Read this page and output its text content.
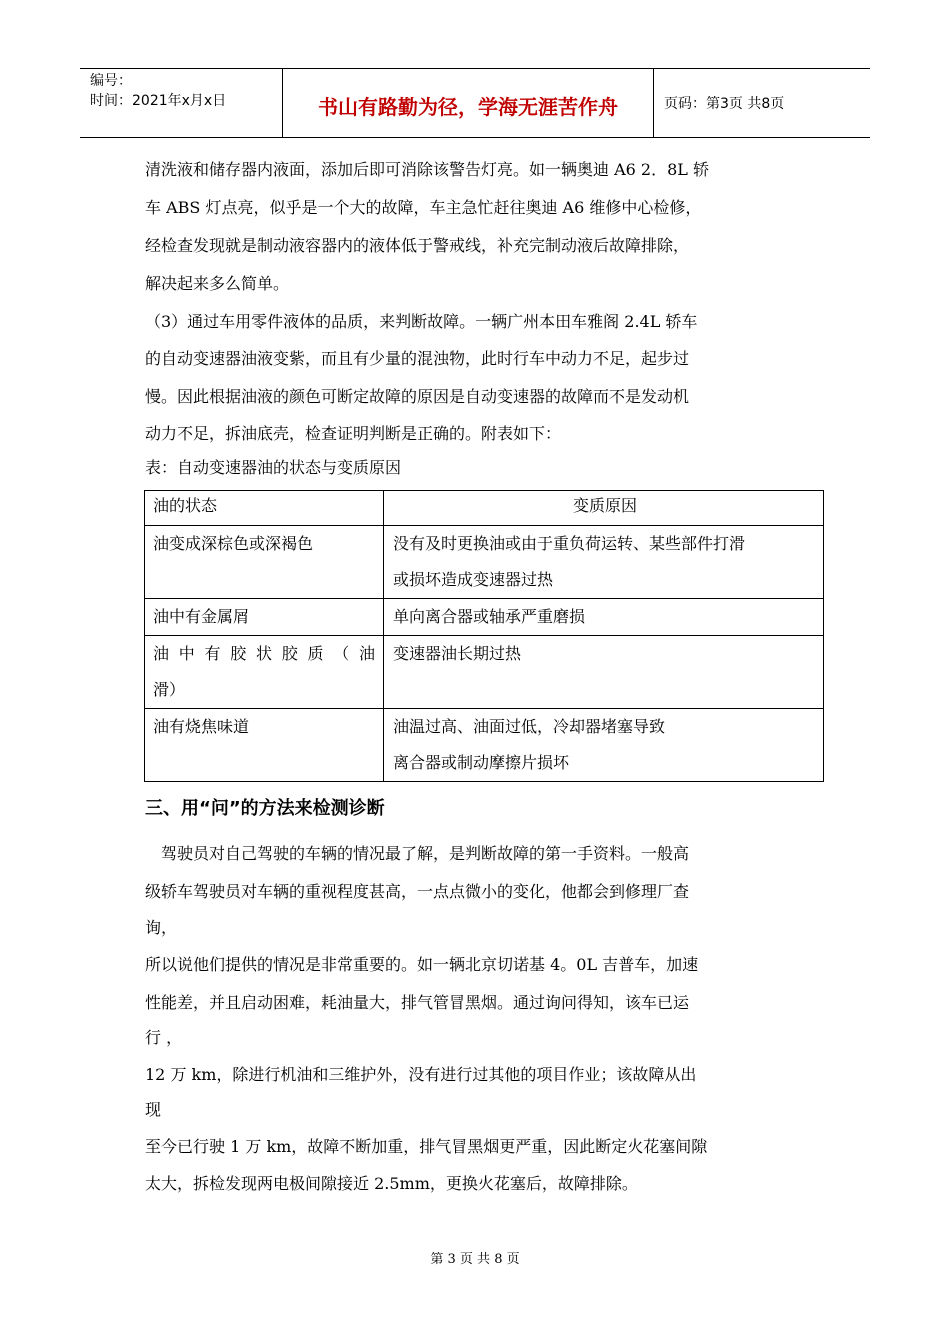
编号：
时间：2021年x月x日	书山有路勤为径，学海无涯苦作舟	页码：第3页 共8页
清洗液和储存器内液面，添加后即可消除该警告灯亮。如一辆奥迪 A6 2．8L 轿
车 ABS 灯点亮，似乎是一个大的故障，车主急忙赶往奥迪 A6 维修中心检修，
经检查发现就是制动液容器内的液体低于警戒线，补充完制动液后故障排除，
解决起来多么简单。
（3）通过车用零件液体的品质，来判断故障。一辆广州本田车雅阁 2.4L 轿车
的自动变速器油液变紫，而且有少量的混浊物，此时行车中动力不足，起步过
慢。因此根据油液的颜色可断定故障的原因是自动变速器的故障而不是发动机
动力不足，拆油底壳，检查证明判断是正确的。附表如下：
表：自动变速器油的状态与变质原因
油的状态	变质原因
油变成深棕色或深褐色	没有及时更换油或由于重负荷运转、某些部件打滑
或损坏造成变速器过热

油中有金属屑	单向离合器或轴承严重磨损

油中有胶状胶质（油
滑）	变速器油长期过热
油有烧焦味道	油温过高、油面过低，冷却器堵塞导致
离合器或制动摩擦片损坏
三、用“问”的方法来检测诊断
　驾驶员对自己驾驶的车辆的情况最了解，是判断故障的第一手资料。一般高
级轿车驾驶员对车辆的重视程度甚高，一点点微小的变化，他都会到修理厂查
询，
所以说他们提供的情况是非常重要的。如一辆北京切诺基 4。0L 吉普车，加速
性能差，并且启动困难，耗油量大，排气管冒黑烟。通过询问得知，该车已运
行 ，
12 万 km，除进行机油和三维护外，没有进行过其他的项目作业；该故障从出
现
至今已行驶 1 万 km，故障不断加重，排气冒黑烟更严重，因此断定火花塞间隙
太大，拆检发现两电极间隙接近 2.5mm，更换火花塞后，故障排除。
第 3 页 共 8 页
